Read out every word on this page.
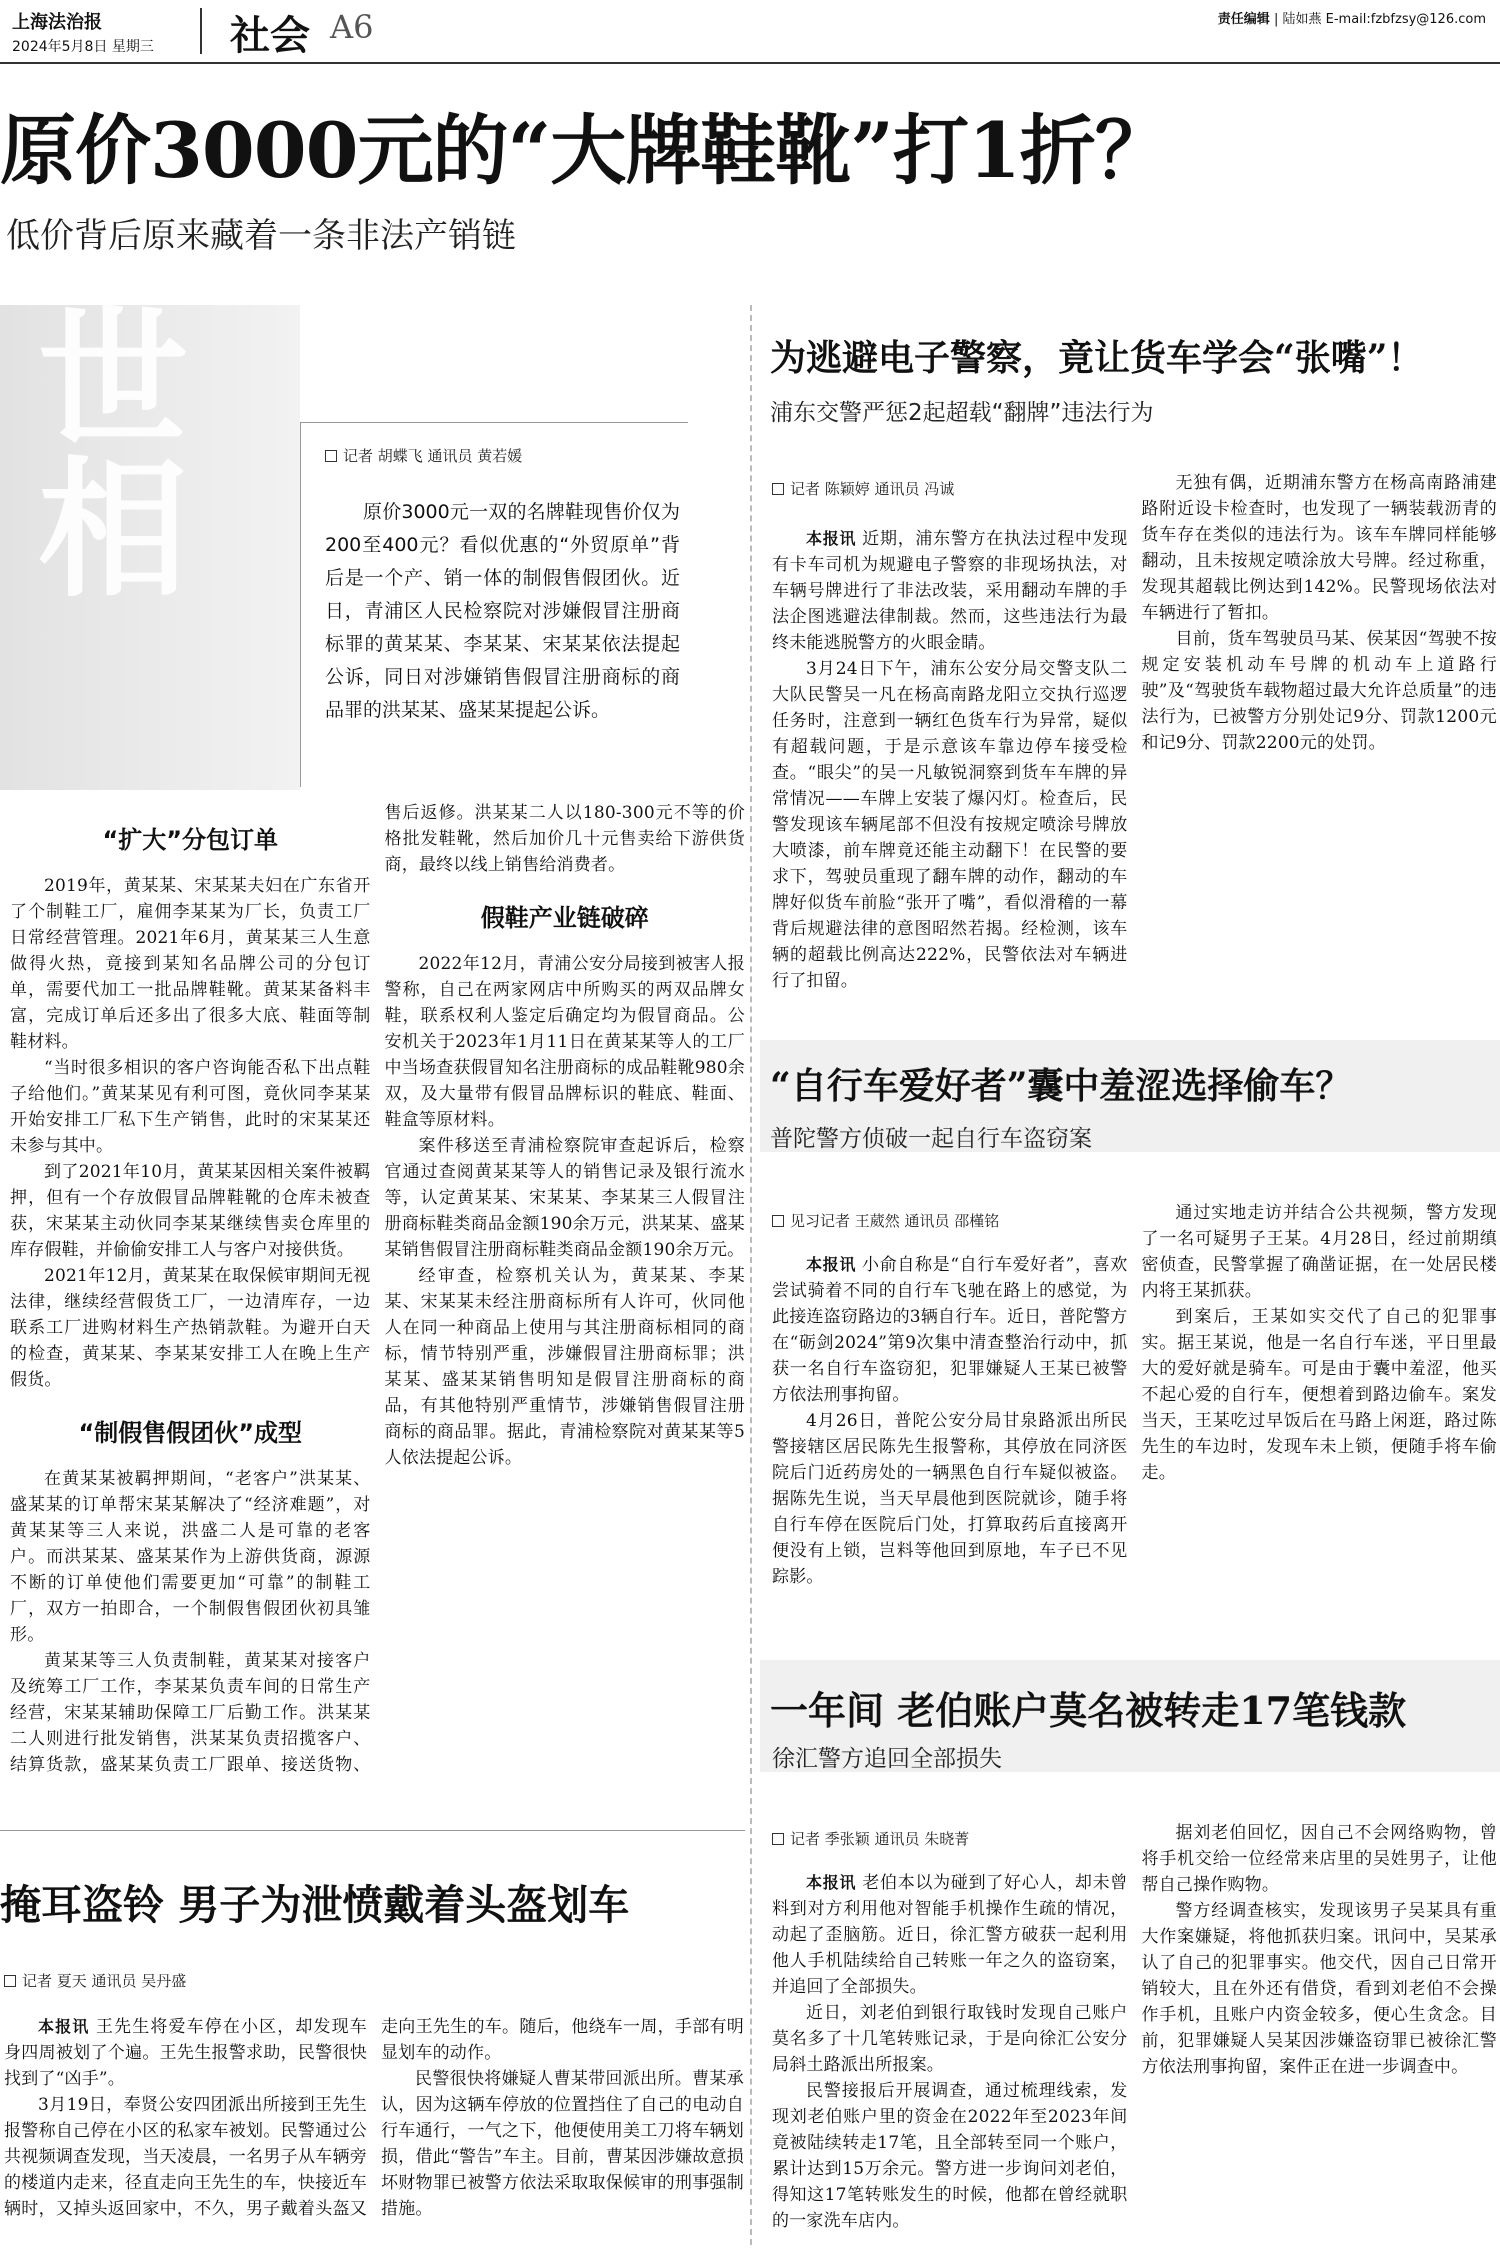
上海法治报
2024年5月8日 星期三 社会 A6	责任编辑 | 陆如燕 E-mail:fzbfzsy@126.com
原价3000元的“大牌鞋靴”打1折？
低价背后原来藏着一条非法产销链
世相	记者 胡蝶飞 通讯员 黄若媛
原价3000元一双的名牌鞋现售价仅为200至400元？看似优惠的“外贸原单”背后是一个产、销一体的制假售假团伙。近日，青浦区人民检察院对涉嫌假冒注册商标罪的黄某某、李某某、宋某某依法提起公诉，同日对涉嫌销售假冒注册商标的商品罪的洪某某、盛某某提起公诉。
“扩大”分包订单

2019年，黄某某、宋某某夫妇在广东省开了个制鞋工厂，雇佣李某某为厂长，负责工厂日常经营管理。2021年6月，黄某某三人生意做得火热，竟接到某知名品牌公司的分包订单，需要代加工一批品牌鞋靴。黄某某备料丰富，完成订单后还多出了很多大底、鞋面等制鞋材料。

“当时很多相识的客户咨询能否私下出点鞋子给他们。”黄某某见有利可图，竟伙同李某某开始安排工厂私下生产销售，此时的宋某某还未参与其中。

到了2021年10月，黄某某因相关案件被羁押，但有一个存放假冒品牌鞋靴的仓库未被查获，宋某某主动伙同李某某继续售卖仓库里的库存假鞋，并偷偷安排工人与客户对接供货。

2021年12月，黄某某在取保候审期间无视法律，继续经营假货工厂，一边清库存，一边联系工厂进购材料生产热销款鞋。为避开白天的检查，黄某某、李某某安排工人在晚上生产假货。

“制假售假团伙”成型

在黄某某被羁押期间，“老客户”洪某某、盛某某的订单帮宋某某解决了“经济难题”，对黄某某等三人来说，洪盛二人是可靠的老客户。而洪某某、盛某某作为上游供货商，源源不断的订单使他们需要更加“可靠”的制鞋工厂，双方一拍即合，一个制假售假团伙初具雏形。

黄某某等三人负责制鞋，黄某某对接客户及统筹工厂工作，李某某负责车间的日常生产经营，宋某某辅助保障工厂后勤工作。洪某某二人则进行批发销售，洪某某负责招揽客户、结算货款，盛某某负责工厂跟单、接送货物、售后返修。洪某某二人以180-300元不等的价格批发鞋靴，然后加价几十元售卖给下游供货商，最终以线上销售给消费者。

假鞋产业链破碎

2022年12月，青浦公安分局接到被害人报警称，自己在两家网店中所购买的两双品牌女鞋，联系权利人鉴定后确定均为假冒商品。公安机关于2023年1月11日在黄某某等人的工厂中当场查获假冒知名注册商标的成品鞋靴980余双，及大量带有假冒品牌标识的鞋底、鞋面、鞋盒等原材料。

案件移送至青浦检察院审查起诉后，检察官通过查阅黄某某等人的销售记录及银行流水等，认定黄某某、宋某某、李某某三人假冒注册商标鞋类商品金额190余万元，洪某某、盛某某销售假冒注册商标鞋类商品金额190余万元。

经审查，检察机关认为，黄某某、李某某、宋某某未经注册商标所有人许可，伙同他人在同一种商品上使用与其注册商标相同的商标，情节特别严重，涉嫌假冒注册商标罪；洪某某、盛某某销售明知是假冒注册商标的商品，有其他特别严重情节，涉嫌销售假冒注册商标的商品罪。据此，青浦检察院对黄某某等5人依法提起公诉。

掩耳盗铃 男子为泄愤戴着头盔划车
记者 夏天 通讯员 吴丹盛

本报讯 王先生将爱车停在小区，却发现车身四周被划了个遍。王先生报警求助，民警很快找到了“凶手”。

3月19日，奉贤公安四团派出所接到王先生报警称自己停在小区的私家车被划。民警通过公共视频调查发现，当天凌晨，一名男子从车辆旁的楼道内走来，径直走向王先生的车，快接近车辆时，又掉头返回家中，不久，男子戴着头盔又走向王先生的车。随后，他绕车一周，手部有明显划车的动作。

民警很快将嫌疑人曹某带回派出所。曹某承认，因为这辆车停放的位置挡住了自己的电动自行车通行，一气之下，他便使用美工刀将车辆划损，借此“警告”车主。目前，曹某因涉嫌故意损坏财物罪已被警方依法采取取保候审的刑事强制措施。

为逃避电子警察，竟让货车学会“张嘴”！
浦东交警严惩2起超载“翻牌”违法行为
记者 陈颖婷 通讯员 冯诚

本报讯 近期，浦东警方在执法过程中发现有卡车司机为规避电子警察的非现场执法，对车辆号牌进行了非法改装，采用翻动车牌的手法企图逃避法律制裁。然而，这些违法行为最终未能逃脱警方的火眼金睛。

3月24日下午，浦东公安分局交警支队二大队民警吴一凡在杨高南路龙阳立交执行巡逻任务时，注意到一辆红色货车行为异常，疑似有超载问题，于是示意该车靠边停车接受检查。“眼尖”的吴一凡敏锐洞察到货车车牌的异常情况——车牌上安装了爆闪灯。检查后，民警发现该车辆尾部不但没有按规定喷涂号牌放大喷漆，前车牌竟还能主动翻下！在民警的要求下，驾驶员重现了翻车牌的动作，翻动的车牌好似货车前脸“张开了嘴”，看似滑稽的一幕背后规避法律的意图昭然若揭。经检测，该车辆的超载比例高达222%，民警依法对车辆进行了扣留。

无独有偶，近期浦东警方在杨高南路浦建路附近设卡检查时，也发现了一辆装载沥青的货车存在类似的违法行为。该车车牌同样能够翻动，且未按规定喷涂放大号牌。经过称重，发现其超载比例达到142%。民警现场依法对车辆进行了暂扣。

目前，货车驾驶员马某、侯某因“驾驶不按规定安装机动车号牌的机动车上道路行驶”及“驾驶货车载物超过最大允许总质量”的违法行为，已被警方分别处记9分、罚款1200元和记9分、罚款2200元的处罚。

“自行车爱好者”囊中羞涩选择偷车？
普陀警方侦破一起自行车盗窃案
见习记者 王葳然 通讯员 邵槿铭

本报讯 小俞自称是“自行车爱好者”，喜欢尝试骑着不同的自行车飞驰在路上的感觉，为此接连盗窃路边的3辆自行车。近日，普陀警方在“砺剑2024”第9次集中清查整治行动中，抓获一名自行车盗窃犯，犯罪嫌疑人王某已被警方依法刑事拘留。

4月26日，普陀公安分局甘泉路派出所民警接辖区居民陈先生报警称，其停放在同济医院后门近药房处的一辆黑色自行车疑似被盗。据陈先生说，当天早晨他到医院就诊，随手将自行车停在医院后门处，打算取药后直接离开便没有上锁，岂料等他回到原地，车子已不见踪影。

通过实地走访并结合公共视频，警方发现了一名可疑男子王某。4月28日，经过前期缜密侦查，民警掌握了确凿证据，在一处居民楼内将王某抓获。

到案后，王某如实交代了自己的犯罪事实。据王某说，他是一名自行车迷，平日里最大的爱好就是骑车。可是由于囊中羞涩，他买不起心爱的自行车，便想着到路边偷车。案发当天，王某吃过早饭后在马路上闲逛，路过陈先生的车边时，发现车未上锁，便随手将车偷走。

一年间 老伯账户莫名被转走17笔钱款
徐汇警方追回全部损失
记者 季张颖 通讯员 朱晓菁

本报讯 老伯本以为碰到了好心人，却未曾料到对方利用他对智能手机操作生疏的情况，动起了歪脑筋。近日，徐汇警方破获一起利用他人手机陆续给自己转账一年之久的盗窃案，并追回了全部损失。

近日，刘老伯到银行取钱时发现自己账户莫名多了十几笔转账记录，于是向徐汇公安分局斜土路派出所报案。

民警接报后开展调查，通过梳理线索，发现刘老伯账户里的资金在2022年至2023年间竟被陆续转走17笔，且全部转至同一个账户，累计达到15万余元。警方进一步询问刘老伯，得知这17笔转账发生的时候，他都在曾经就职的一家洗车店内。

据刘老伯回忆，因自己不会网络购物，曾将手机交给一位经常来店里的吴姓男子，让他帮自己操作购物。

警方经调查核实，发现该男子吴某具有重大作案嫌疑，将他抓获归案。讯问中，吴某承认了自己的犯罪事实。他交代，因自己日常开销较大，且在外还有借贷，看到刘老伯不会操作手机，且账户内资金较多，便心生贪念。目前，犯罪嫌疑人吴某因涉嫌盗窃罪已被徐汇警方依法刑事拘留，案件正在进一步调查中。
